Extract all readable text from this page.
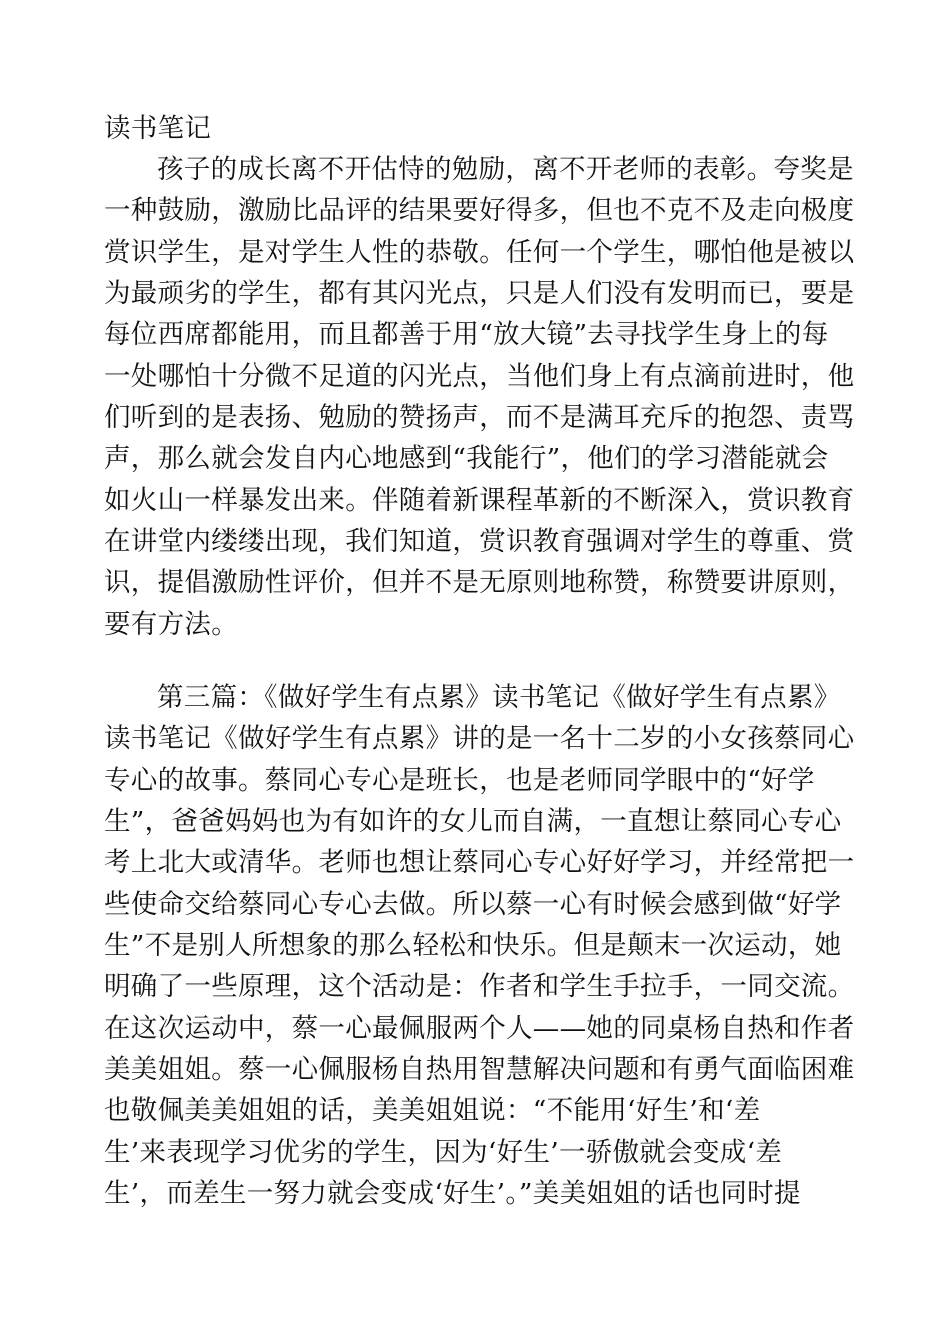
读书笔记
孩子的成长离不开估恃的勉励，离不开老师的表彰。夸奖是
一种鼓励，激励比品评的结果要好得多，但也不克不及走向极度
赏识学生，是对学生人性的恭敬。任何一个学生，哪怕他是被以
为最顽劣的学生，都有其闪光点，只是人们没有发明而已，要是
每位西席都能用，而且都善于用“放大镜”去寻找学生身上的每
一处哪怕十分微不足道的闪光点，当他们身上有点滴前进时，他
们听到的是表扬、勉励的赞扬声，而不是满耳充斥的抱怨、责骂
声，那么就会发自内心地感到“我能行”，他们的学习潜能就会
如火山一样暴发出来。伴随着新课程革新的不断深入，赏识教育
在讲堂内缕缕出现，我们知道，赏识教育强调对学生的尊重、赏
识，提倡激励性评价，但并不是无原则地称赞，称赞要讲原则，
要有方法。
第三篇：《做好学生有点累》读书笔记《做好学生有点累》
读书笔记《做好学生有点累》讲的是一名十二岁的小女孩蔡同心
专心的故事。蔡同心专心是班长，也是老师同学眼中的“好学
生”，爸爸妈妈也为有如许的女儿而自满，一直想让蔡同心专心
考上北大或清华。老师也想让蔡同心专心好好学习，并经常把一
些使命交给蔡同心专心去做。所以蔡一心有时候会感到做“好学
生”不是别人所想象的那么轻松和快乐。但是颠末一次运动，她
明确了一些原理，这个活动是：作者和学生手拉手，一同交流。
在这次运动中，蔡一心最佩服两个人——她的同桌杨自热和作者
美美姐姐。蔡一心佩服杨自热用智慧解决问题和有勇气面临困难
也敬佩美美姐姐的话，美美姐姐说：“不能用‘好生’和‘差
生’来表现学习优劣的学生，因为‘好生’一骄傲就会变成‘差
生’，而差生一努力就会变成‘好生’。”美美姐姐的话也同时提
